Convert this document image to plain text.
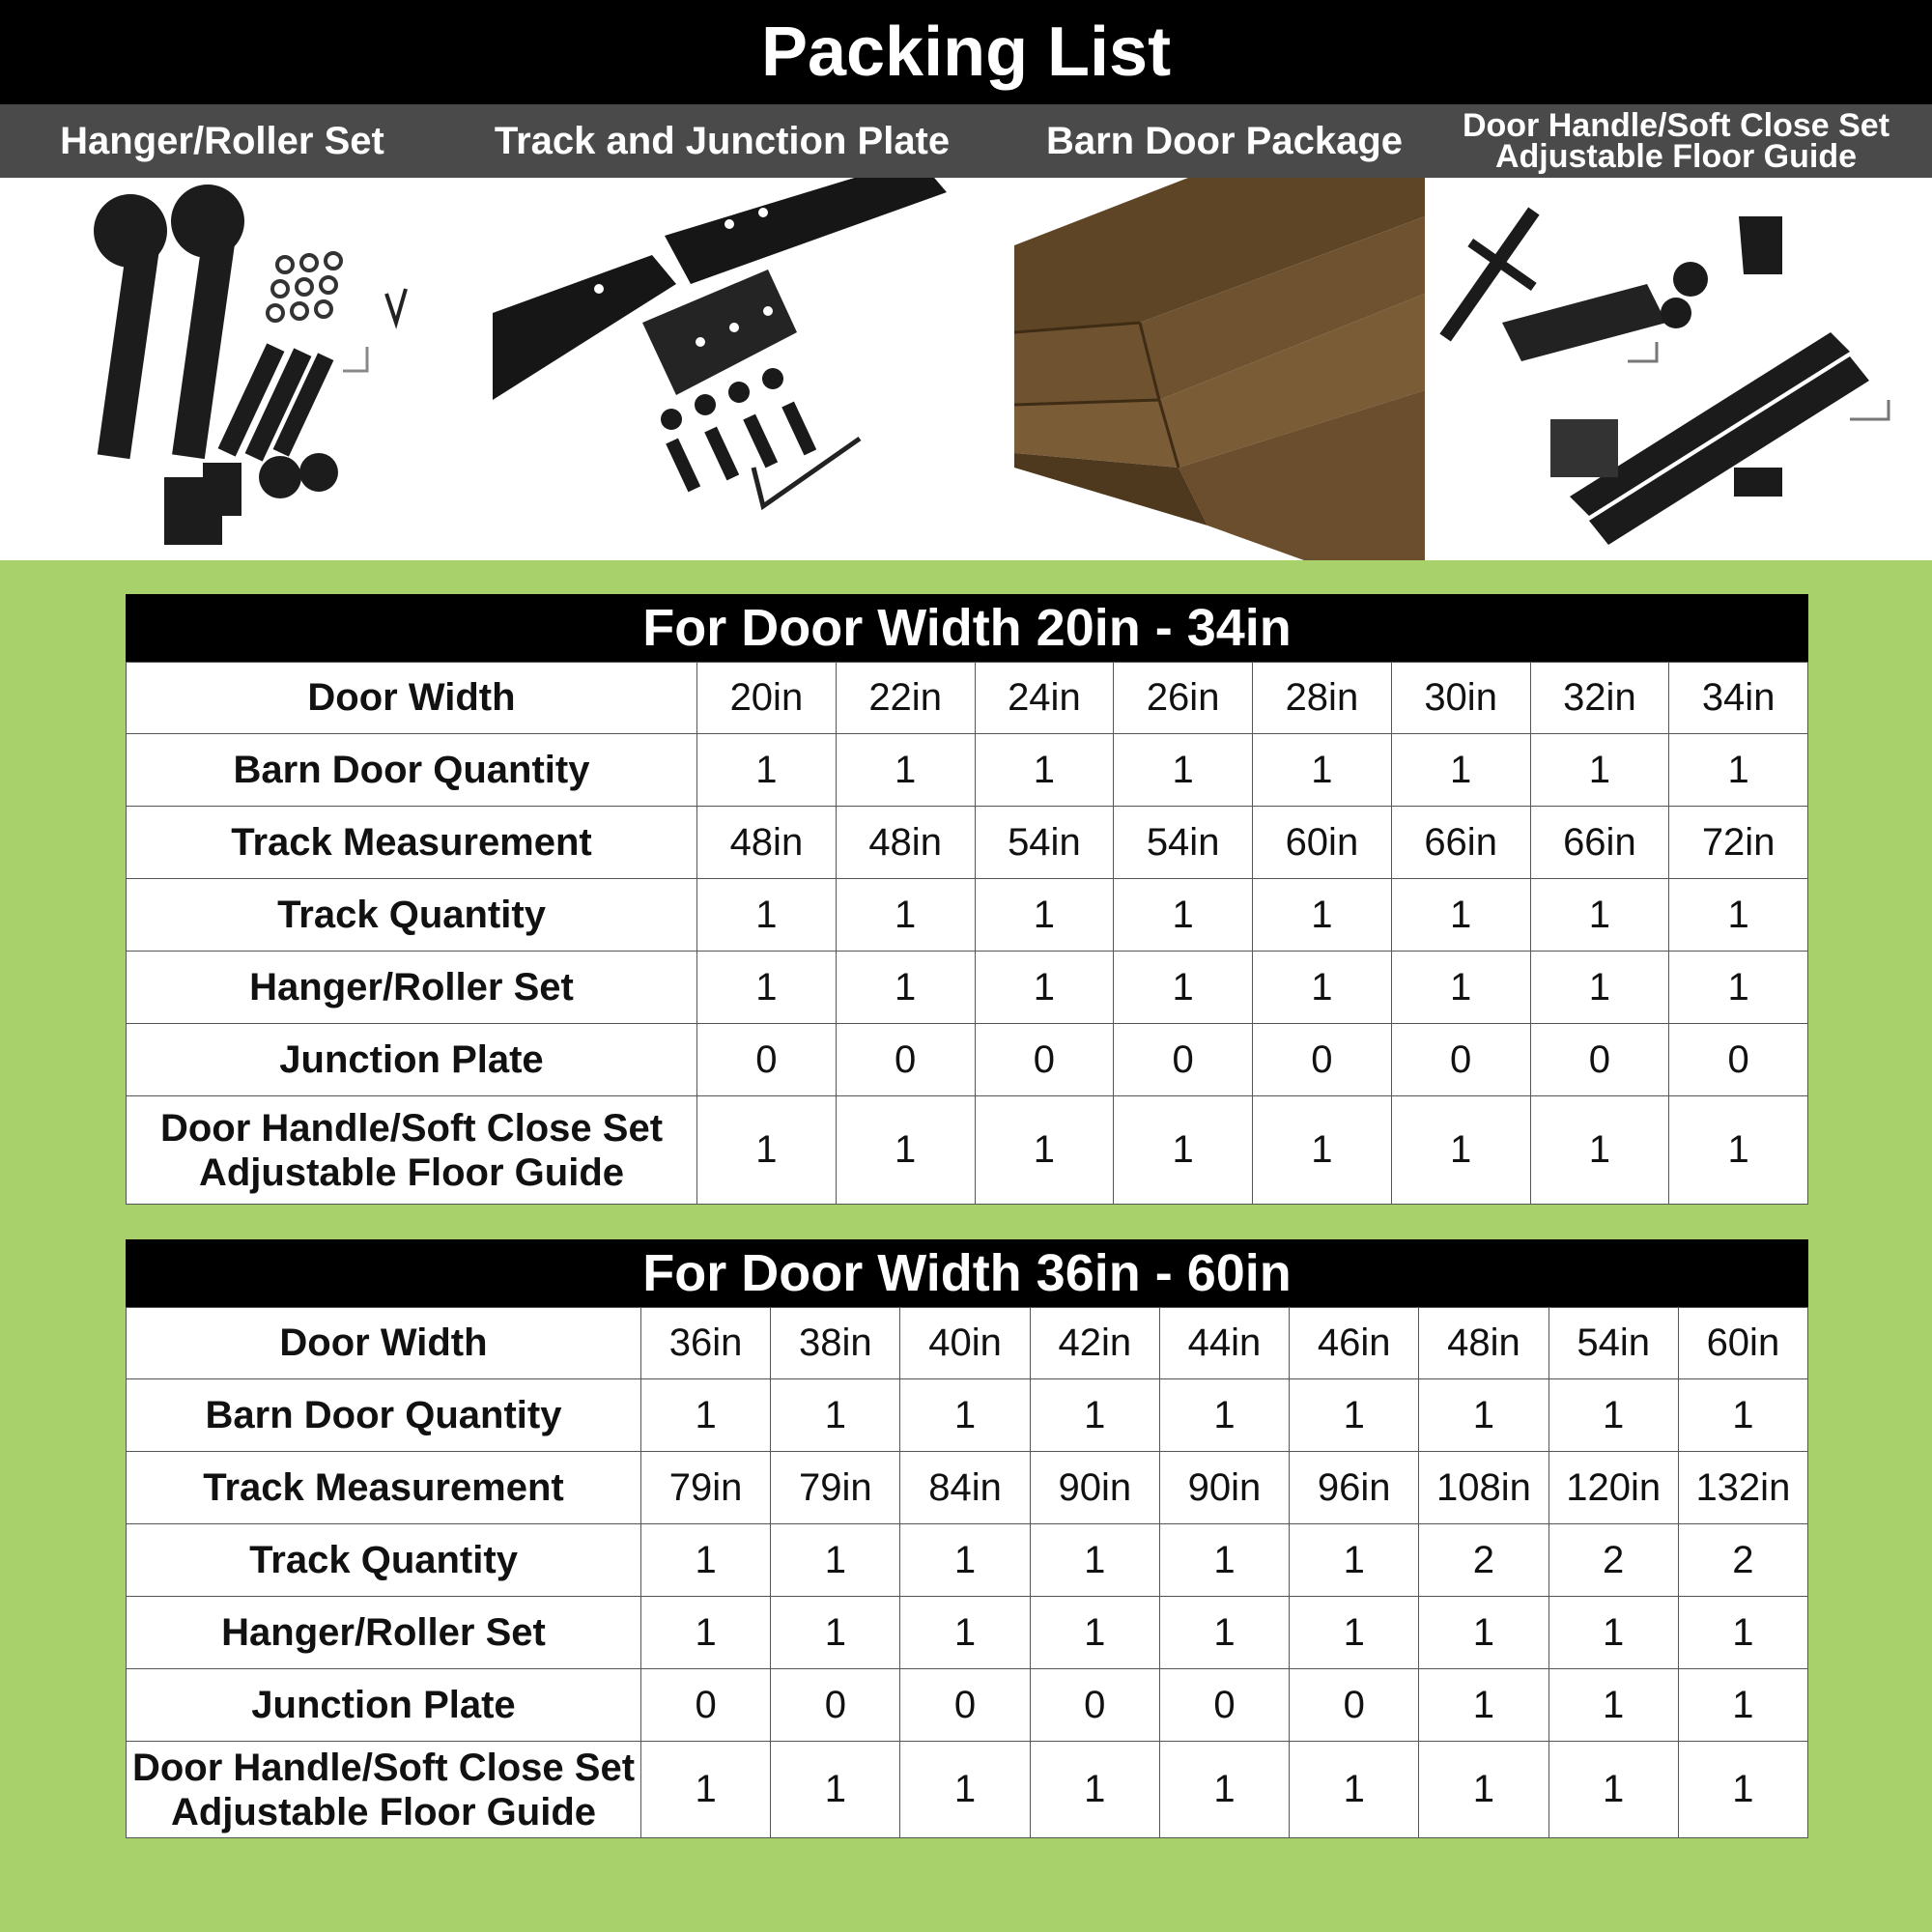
Packing List
Hanger/Roller Set	Track and Junction Plate	Barn Door Package	Door Handle/Soft Close Set
Adjustable Floor Guide
For Door Width 20in - 34in
Door Width	20in	22in	24in	26in	28in	30in	32in	34in
Barn Door Quantity	1	1	1	1	1	1	1	1
Track Measurement	48in	48in	54in	54in	60in	66in	66in	72in
Track Quantity	1	1	1	1	1	1	1	1
Hanger/Roller Set	1	1	1	1	1	1	1	1
Junction Plate	0	0	0	0	0	0	0	0

Door Handle/Soft Close Set
Adjustable Floor Guide	1	1	1	1	1	1	1	1
For Door Width 36in - 60in
Door Width	36in	38in	40in	42in	44in	46in	48in	54in	60in
Barn Door Quantity	1	1	1	1	1	1	1	1	1
Track Measurement	79in	79in	84in	90in	90in	96in	108in	120in	132in
Track Quantity	1	1	1	1	1	1	2	2	2
Hanger/Roller Set	1	1	1	1	1	1	1	1	1
Junction Plate	0	0	0	0	0	0	1	1	1

Door Handle/Soft Close Set
Adjustable Floor Guide	1	1	1	1	1	1	1	1	1
